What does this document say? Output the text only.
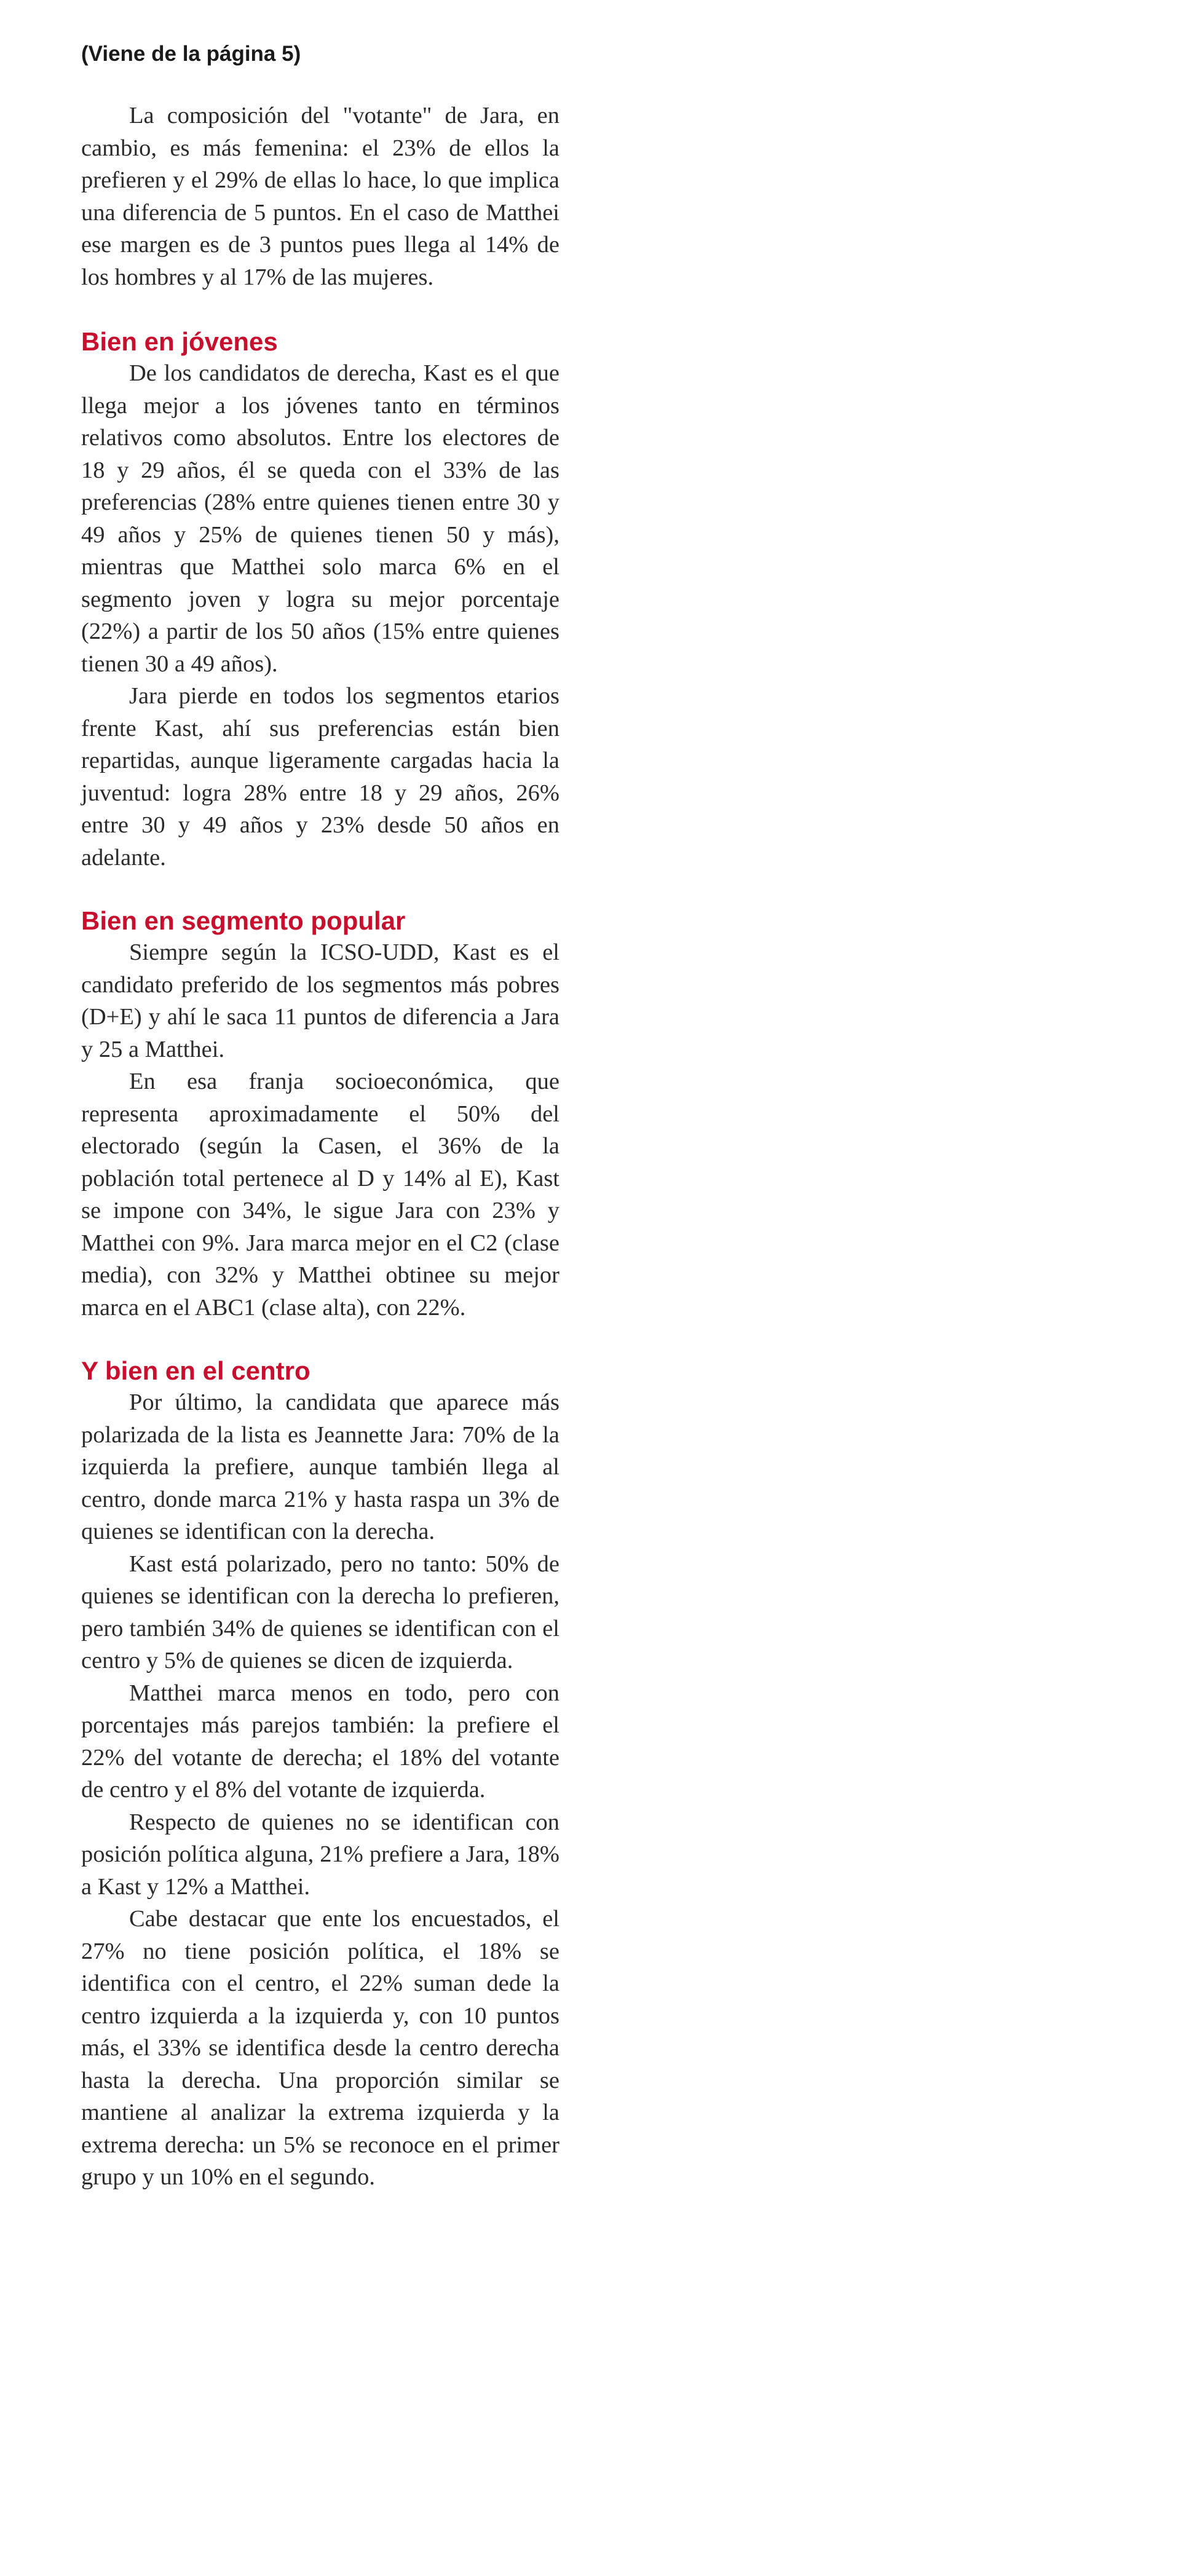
(Viene de la página 5)

La composición del "votante" de Jara, en cambio, es más femenina: el 23% de ellos la prefieren y el 29% de ellas lo hace, lo que implica una diferencia de 5 puntos. En el caso de Matthei ese margen es de 3 puntos pues llega al 14% de los hombres y al 17% de las mujeres.

Bien en jóvenes

De los candidatos de derecha, Kast es el que llega mejor a los jóvenes tanto en términos relativos como absolutos. Entre los electores de 18 y 29 años, él se queda con el 33% de las preferencias (28% entre quienes tienen entre 30 y 49 años y 25% de quienes tienen 50 y más), mientras que Matthei solo marca 6% en el segmento joven y logra su mejor porcentaje (22%) a partir de los 50 años (15% entre quienes tienen 30 a 49 años).

Jara pierde en todos los segmentos etarios frente Kast, ahí sus preferencias están bien repartidas, aunque ligeramente cargadas hacia la juventud: logra 28% entre 18 y 29 años, 26% entre 30 y 49 años y 23% desde 50 años en adelante.

Bien en segmento popular

Siempre según la ICSO-UDD, Kast es el candidato preferido de los segmentos más pobres (D+E) y ahí le saca 11 puntos de diferencia a Jara y 25 a Matthei.

En esa franja socioeconómica, que representa aproximadamente el 50% del electorado (según la Casen, el 36% de la población total pertenece al D y 14% al E), Kast se impone con 34%, le sigue Jara con 23% y Matthei con 9%. Jara marca mejor en el C2 (clase media), con 32% y Matthei obtinee su mejor marca en el ABC1 (clase alta), con 22%.

Y bien en el centro

Por último, la candidata que aparece más polarizada de la lista es Jeannette Jara: 70% de la izquierda la prefiere, aunque también llega al centro, donde marca 21% y hasta raspa un 3% de quienes se identifican con la derecha.

Kast está polarizado, pero no tanto: 50% de quienes se identifican con la derecha lo prefieren, pero también 34% de quienes se identifican con el centro y 5% de quienes se dicen de izquierda.

Matthei marca menos en todo, pero con porcentajes más parejos también: la prefiere el 22% del votante de derecha; el 18% del votante de centro y el 8% del votante de izquierda.

Respecto de quienes no se identifican con posición política alguna, 21% prefiere a Jara, 18% a Kast y 12% a Matthei.

Cabe destacar que ente los encuestados, el 27% no tiene posición política, el 18% se identifica con el centro, el 22% suman dede la centro izquierda a la izquierda y, con 10 puntos más, el 33% se identifica desde la centro derecha hasta la derecha. Una proporción similar se mantiene al analizar la extrema izquierda y la extrema derecha: un 5% se reconoce en el primer grupo y un 10% en el segundo.
